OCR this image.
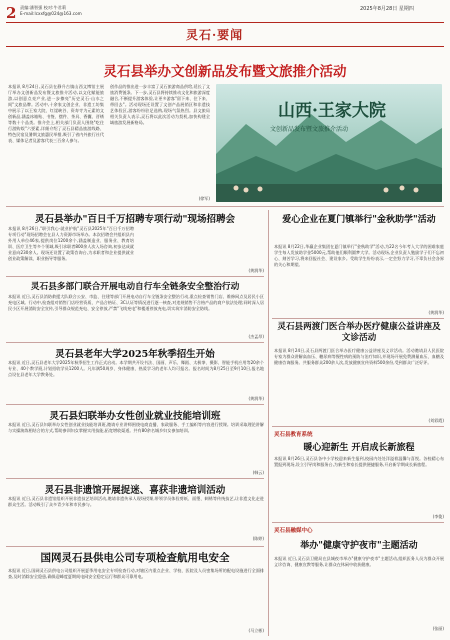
2 责编:潘智强 校对:牛君莉
E-mail:lcxxfg@024@163.com
2025年8月28日 星期四
灵石·要闻
灵石县举办文创新品发布暨文旅推介活动
本报讯 8月24日,灵石县在静升古镇山西文博馆主展厅举办文创新品发布暨文旅推介活动,以文化赋能旅游,以创意点亮产业,进一步擦亮"历史灵石·山水之间"文旅品牌。活动中,十余家文创企业、非遗工坊集中展示了以王家大院、红崖峡谷、资寿寺为元素的文创新品,涵盖冰箱贴、书签、摆件、茶具、香囊、晋绣等数十个品类。推介会上,相关部门负责人围绕"吃住行游购娱"六要素,详细介绍了灵石县精品旅游线路、特色民宿及暑期文旅惠民举措,吸引了省内外旅行社代表、媒体记者及游客代表三百余人参与。
创作品的推出进一步丰富了灵石旅游商品供给,延长了文旅消费链条。下一步,灵石县将持续推动文化和旅游深度融合,不断提升游客体验,让更多游客"留下来、住下来、带回去"。活动现场还设置了文创产品展销区和非遗技艺体验区,游客纷纷驻足选购,现场气氛热烈。县文旅局相关负责人表示,灵石将以此次活动为契机,加快构建全域旅游发展新格局。
(徐军)
山西·王家大院
文创新品发布暨文旅推介活动
灵石县举办"百日千万招聘专项行动"现场招聘会
本报讯 8月26日,"职引我心·就业护航"灵石县2025年"百日千万招聘专项行动"现场招聘会在县人力资源市场举办。本次招聘会共组织县内外用人单位46家,提供岗位1200余个,涵盖制造业、服务业、教育培训、医疗卫生等多个领域,吸引求职者800余人次入场咨询,初步达成就业意向230余人。现场还设置了政策咨询台,为求职者和企业提供就业创业政策解读、职业指导等服务。
(黄润华)
灵石县多部门联合开展电动自行车全链条安全整治行动
本报讯 近日,灵石县消防救援大队联合公安、市监、住建等部门开展电动自行车全链条安全整治行动,重点检查销售门店、维修网点及居民小区充电区域。行动中,检查组对销售门店经营资质、产品合格证、3C认证等情况进行逐一核查,对违规销售不合格产品的商户依法处理;同时深入居民小区开展消防安全宣传,引导群众规范充电、安全停放,严禁"飞线充电"和楼道停放充电,切实筑牢消防安全防线。
(杰孟昂)
灵石县老年大学2025年秋季招生开始
本报讯 近日,灵石县老年大学2025年秋季招生工作正式启动。本学期共开设书法、国画、声乐、舞蹈、太极拳、摄影、智能手机应用等20余个专业、40个教学班,计划招收学员1200人。凡年满50周岁、身体健康、热爱学习的老年人均可报名。报名时间为8月25日至9月10日,报名地点设在县老年大学教务处。
(黄润华)
灵石县妇联举办女性创业就业技能培训班
本报讯 近日,灵石县妇联举办女性创业就业技能培训班,邀请专业讲师围绕电商直播、家政服务、手工编织等内容进行授课。培训采取理论讲解与实操演练相结合的方式,帮助参训妇女掌握实用技能,拓宽增收渠道。共有80余名城乡妇女参加培训。
(韩云)
灵石县非遗馆开展捉迷、喜获非遗培训活动
本报讯 近日,灵石县非遗馆组织开展非遗技艺培训活动,邀请非遗传承人现场授课,带领学员体验剪纸、面塑、刺绣等传统技艺,让非遗文化走进群众生活。活动吸引了众多青少年和市民参与。
(陈婷)
国网灵石县供电公司专项检查航用电安全
本报讯 近日,国网灵石县供电公司组织开展夏季用电安全专项检查行动,对辖区内重点企业、学校、医院及人员密集场所的配电设施进行全面排查,及时消除安全隐患,确保迎峰度夏期间电网安全稳定运行和群众可靠用电。
(马立彬)
爱心企业在夏门镇举行"金秋助学"活动
本报讯 8月22日,华赢企业集团在夏门镇举行"金秋助学"活动,为22名今年考入大学的困难家庭学生每人发放助学金5000元,帮助他们顺利圆梦大学。活动现场,企业负责人勉励学子们不忘初心、刻苦学习,将来回报社会、建设家乡。受助学生纷纷表示,一定会努力学习,不辜负社会各界的关心和期望。
(黄润华)
灵石县两渡门医合举办医疗健康公益讲座及文诊活动
本报讯 8月24日,灵石县两渡门医合举办医疗健康公益讲座及义诊活动。活动邀请县人民医院专家为群众讲解高血压、糖尿病等慢性病的预防与治疗知识,并现场开展免费测量血压、血糖及健康咨询服务。共服务群众200余人次,发放健康宣传资料500余份,受到群众广泛好评。
(刘彩霞)
灵石县教育系统
暖心迎新生 开启成长新旅程
本报讯 8月26日,灵石县各中小学校迎来新生报到,校园内处处洋溢着温馨与喜悦。各校精心布置报到现场,设立引导岗和服务台,为新生和家长提供便捷服务,开启新学期成长新旅程。
(李俊)
灵石县融媒中心
举办"健康守护夜市"主题活动
本报讯 近日,灵石县卫健局在县城夜市举办"健康守护夜市"主题活动,组织医务人员为群众开展义诊咨询、健康宣教等服务,让群众在休闲中收获健康。
(张丽)
